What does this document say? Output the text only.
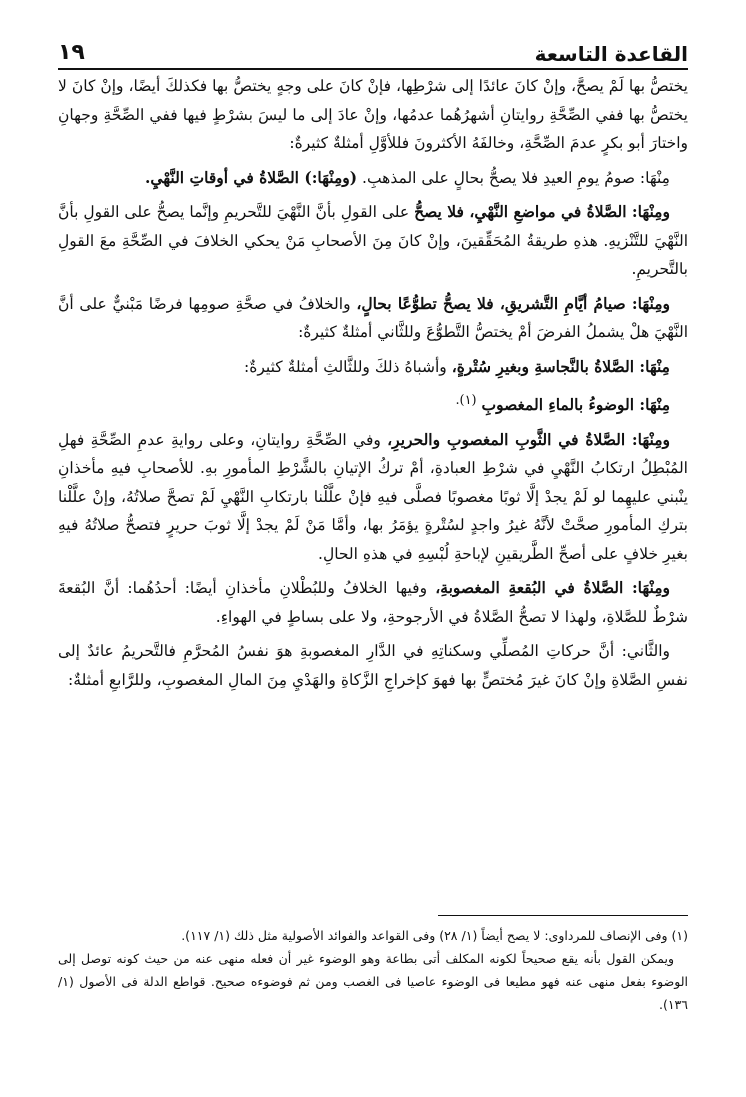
القاعدة التاسعة
١٩

يختصُّ بها لَمْ يصحَّ، وإنْ كانَ عائدًا إلى شرْطِها، فإنْ كانَ على وجهٍ يختصُّ بها فكذلكَ أيضًا، وإنْ كانَ لا يختصُّ بها ففي الصِّحَّةِ روايتانِ أشهرُهُما عدمُها، وإنْ عادَ إلى ما ليسَ بشرْطٍ فيها ففي الصِّحَّةِ وجهانِ واختارَ أبو بكرٍ عدمَ الصِّحَّةِ، وخالفَهُ الأكثرونَ فللأوَّلِ أمثلةٌ كثيرةٌ:

مِنْهَا: صومُ يومِ العيدِ فلا يصحُّ بحالٍ على المذهبِ. (ومِنْهَا:) الصَّلاةُ في أوقاتِ النَّهْيِ.

ومِنْهَا: الصَّلاةُ في مواضعِ النَّهْيِ، فلا يصحُّ على القولِ بأنَّ النَّهْيَ للتَّحريمِ وإنَّما يصحُّ على القولِ بأنَّ النَّهْيَ للتَّنْزيهِ. هذهِ طريقةُ المُحَقِّقينَ، وإنْ كانَ مِنَ الأصحابِ مَنْ يحكي الخلافَ في الصِّحَّةِ معَ القولِ بالتَّحريمِ.

ومِنْهَا: صيامُ أيَّامِ التَّشريقِ، فلا يصحُّ تطوُّعًا بحالٍ، والخلافُ في صحَّةِ صومِها فرضًا مَبْنيٌّ على أنَّ النَّهْيَ هلْ يشملُ الفرضَ أمْ يختصُّ التَّطوُّعَ وللثَّاني أمثلةٌ كثيرةٌ:

مِنْهَا: الصَّلاةُ بالنَّجاسةِ وبغيرِ سُتْرةٍ، وأشباهُ ذلكَ وللثَّالثِ أمثلةٌ كثيرةٌ:

مِنْهَا: الوضوءُ بالماءِ المغصوبِ $^{(١).}$

ومِنْهَا: الصَّلاةُ في الثَّوبِ المغصوبِ والحريرِ، وفي الصِّحَّةِ روايتانِ، وعلى روايةِ عدمِ الصِّحَّةِ فهلِ المُبْطِلُ ارتكابُ النَّهْيِ في شرْطِ العبادةِ، أمْ تركُ الإتيانِ بالشَّرْطِ المأمورِ بهِ. للأصحابِ فيهِ مأخذانِ ينْبني عليهِما لو لَمْ يجدْ إلَّا ثوبًا مغصوبًا فصلَّى فيهِ فإنْ علَّلْنا بارتكابِ النَّهْيِ لَمْ تصحَّ صلاتُهُ، وإنْ علَّلْنا بتركِ المأمورِ صحَّتْ لأنَّهُ غيرُ واجدٍ لسُتْرةٍ يؤمَرُ بها، وأمَّا مَنْ لَمْ يجدْ إلَّا ثوبَ حريرٍ فتصحُّ صلاتُهُ فيهِ بغيرِ خلافٍ على أصحِّ الطَّريقينِ لإباحةِ لُبْسِهِ في هذهِ الحالِ.

ومِنْهَا: الصَّلاةُ في البُقعةِ المغصوبةِ، وفيها الخلافُ وللبُطْلانِ مأخذانِ أيضًا: أحدُهُما: أنَّ البُقعةَ شرْطٌ للصَّلاةِ، ولهذا لا تصحُّ الصَّلاةُ في الأرجوحةِ، ولا على بساطٍ في الهواءِ.

والثَّاني: أنَّ حركاتِ المُصلِّي وسكناتِهِ في الدَّارِ المغصوبةِ هوَ نفسُ المُحرَّمِ فالتَّحريمُ عائدٌ إلى نفسِ الصَّلاةِ وإنْ كانَ غيرَ مُختصٍّ بها فهوَ كإخراجِ الزَّكاةِ والهَدْيِ مِنَ المالِ المغصوبِ، وللرَّابعِ أمثلةٌ:

(١) وفى الإنصاف للمرداوى: لا يصح أيضاً (١/ ٢٨) وفى القواعد والفوائد الأصولية مثل ذلك (١/ ١١٧).

ويمكن القول بأنه يقع صحيحاً لكونه المكلف أتى بطاعة وهو الوضوء غير أن فعله منهى عنه من حيث كونه توصل إلى الوضوء بفعل منهى عنه فهو مطيعا فى الوضوء عاصيا فى الغصب ومن ثم فوضوءه صحيح. قواطع الدلة فى الأصول (١/ ١٣٦).
